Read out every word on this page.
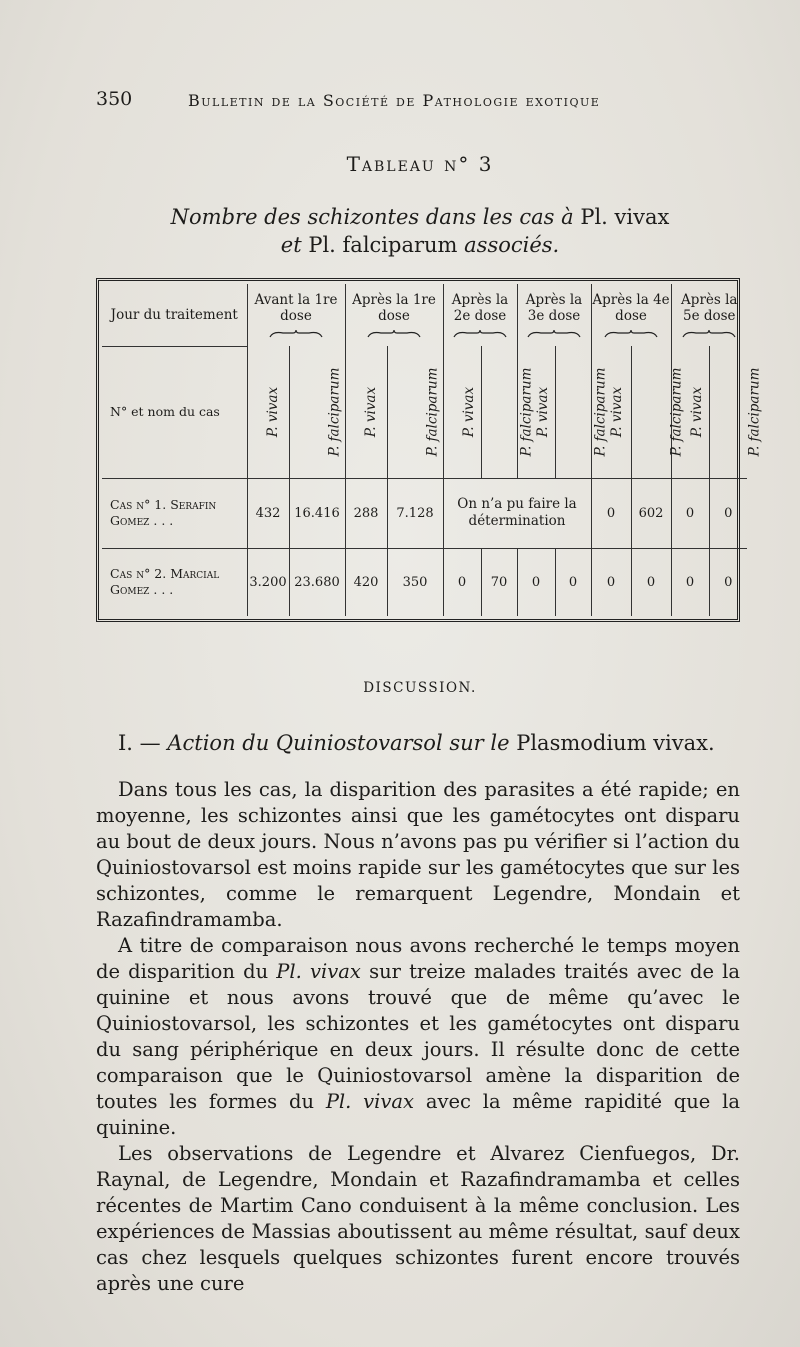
350	Bulletin de la Société de Pathologie exotique
Tableau n° 3
Nombre des schizontes dans les cas à Pl. vivax
et Pl. falciparum associés.
Jour du traitement	Avant la 1re dose		Après la 1re dose		Après la 2e dose		Après la 3e dose		Après la 4e dose		Après la 5e dose	

N° et nom du cas	P. vivax	P. falciparum	P. vivax	P. falciparum	P. vivax	P. falciparum	P. vivax	P. falciparum	P. vivax	P. falciparum	P. vivax	P. falciparum
Cas n° 1. Serafin
Gomez . . .	432	16.416	288	7.128	On n’a pu faire la détermination				0	602	0	0
Cas n° 2. Marcial
Gomez . . .	3.200	23.680	420	350	0	70	0	0	0	0	0	0
DISCUSSION.
I. — Action du Quiniostovarsol sur le Plasmodium vivax.

Dans tous les cas, la disparition des parasites a été rapide; en moyenne, les schizontes ainsi que les gamétocytes ont disparu au bout de deux jours. Nous n’avons pas pu vérifier si l’action du Quiniostovarsol est moins rapide sur les gamétocytes que sur les schizontes, comme le remarquent Legendre, Mondain et Razafindramamba.

A titre de comparaison nous avons recherché le temps moyen de disparition du Pl. vivax sur treize malades traités avec de la quinine et nous avons trouvé que de même qu’avec le Quiniostovarsol, les schizontes et les gamétocytes ont disparu du sang périphérique en deux jours. Il résulte donc de cette comparaison que le Quiniostovarsol amène la disparition de toutes les formes du Pl. vivax avec la même rapidité que la quinine.

Les observations de Legendre et Alvarez Cienfuegos, Dr. Raynal, de Legendre, Mondain et Razafindramamba et celles récentes de Martim Cano conduisent à la même conclusion. Les expériences de Massias aboutissent au même résultat, sauf deux cas chez lesquels quelques schizontes furent encore trouvés après une cure
